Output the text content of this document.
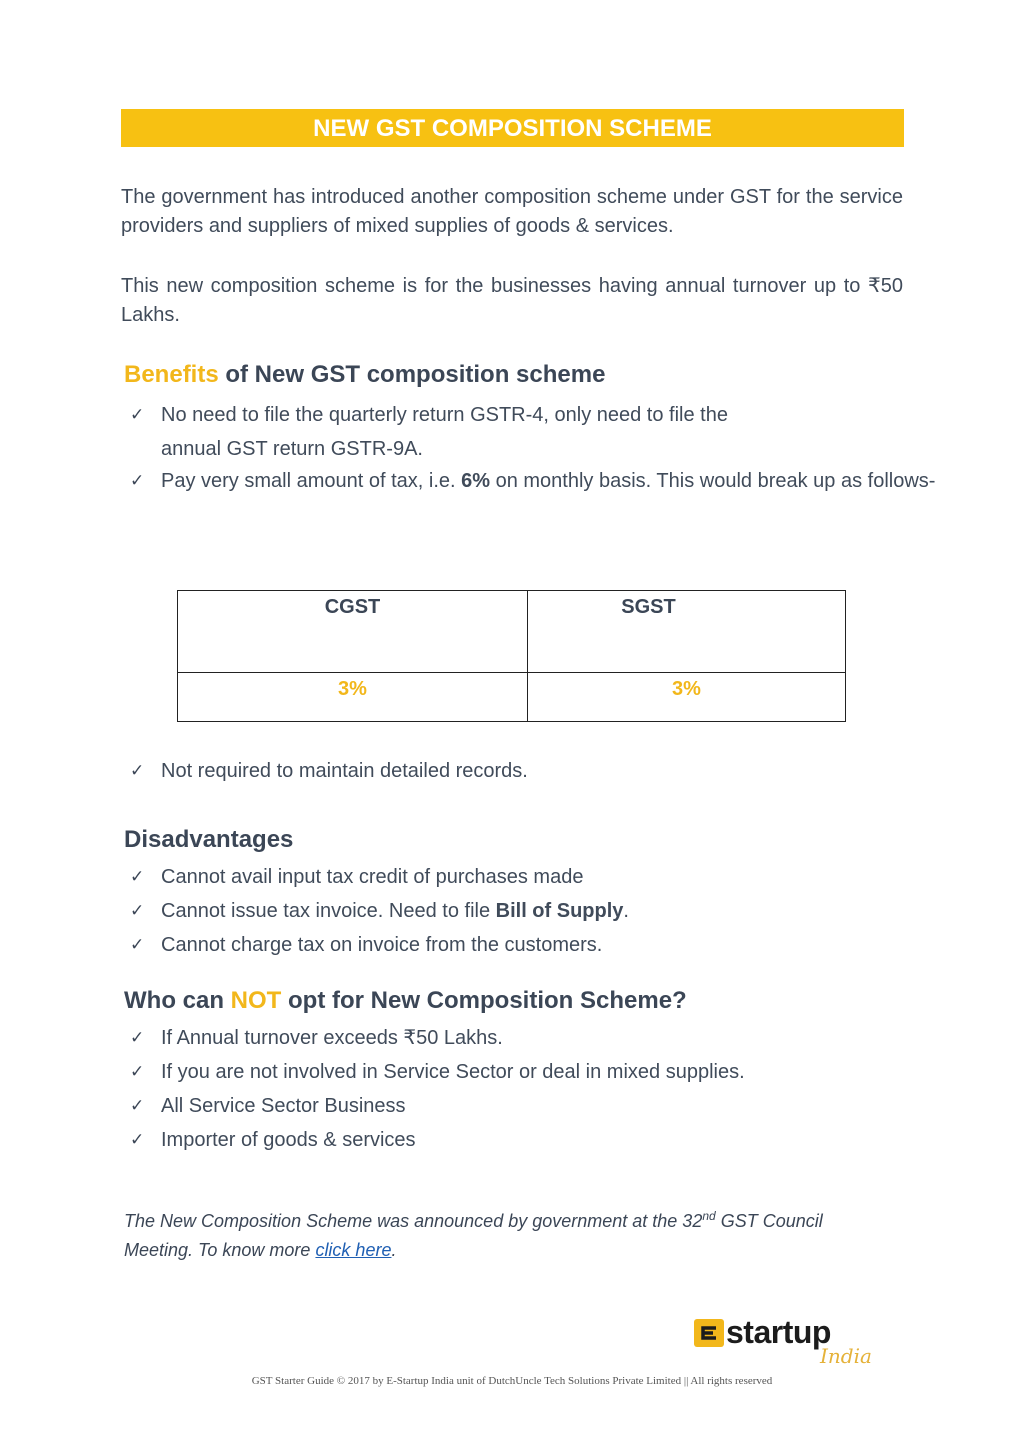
NEW GST COMPOSITION SCHEME

The government has introduced another composition scheme under GST for the service providers and suppliers of mixed supplies of goods & services.

This new composition scheme is for the businesses having annual turnover up to ₹50 Lakhs.

Benefits of New GST composition scheme
✓ No need to file the quarterly return GSTR-4, only need to file the
annual GST return GSTR-9A.
✓ Pay very small amount of tax, i.e. 6% on monthly basis. This would break up as follows-
CGST	SGST

3%	3%
✓ Not required to maintain detailed records.
Disadvantages
✓ Cannot avail input tax credit of purchases made
✓ Cannot issue tax invoice. Need to file Bill of Supply.
✓ Cannot charge tax on invoice from the customers.
Who can NOT opt for New Composition Scheme?
✓ If Annual turnover exceeds ₹50 Lakhs.
✓ If you are not involved in Service Sector or deal in mixed supplies.
✓ All Service Sector Business
✓ Importer of goods & services

The New Composition Scheme was announced by government at the 32nd GST Council Meeting. To know more click here.

startup
India
GST Starter Guide © 2017 by E-Startup India unit of DutchUncle Tech Solutions Private Limited || All rights reserved
